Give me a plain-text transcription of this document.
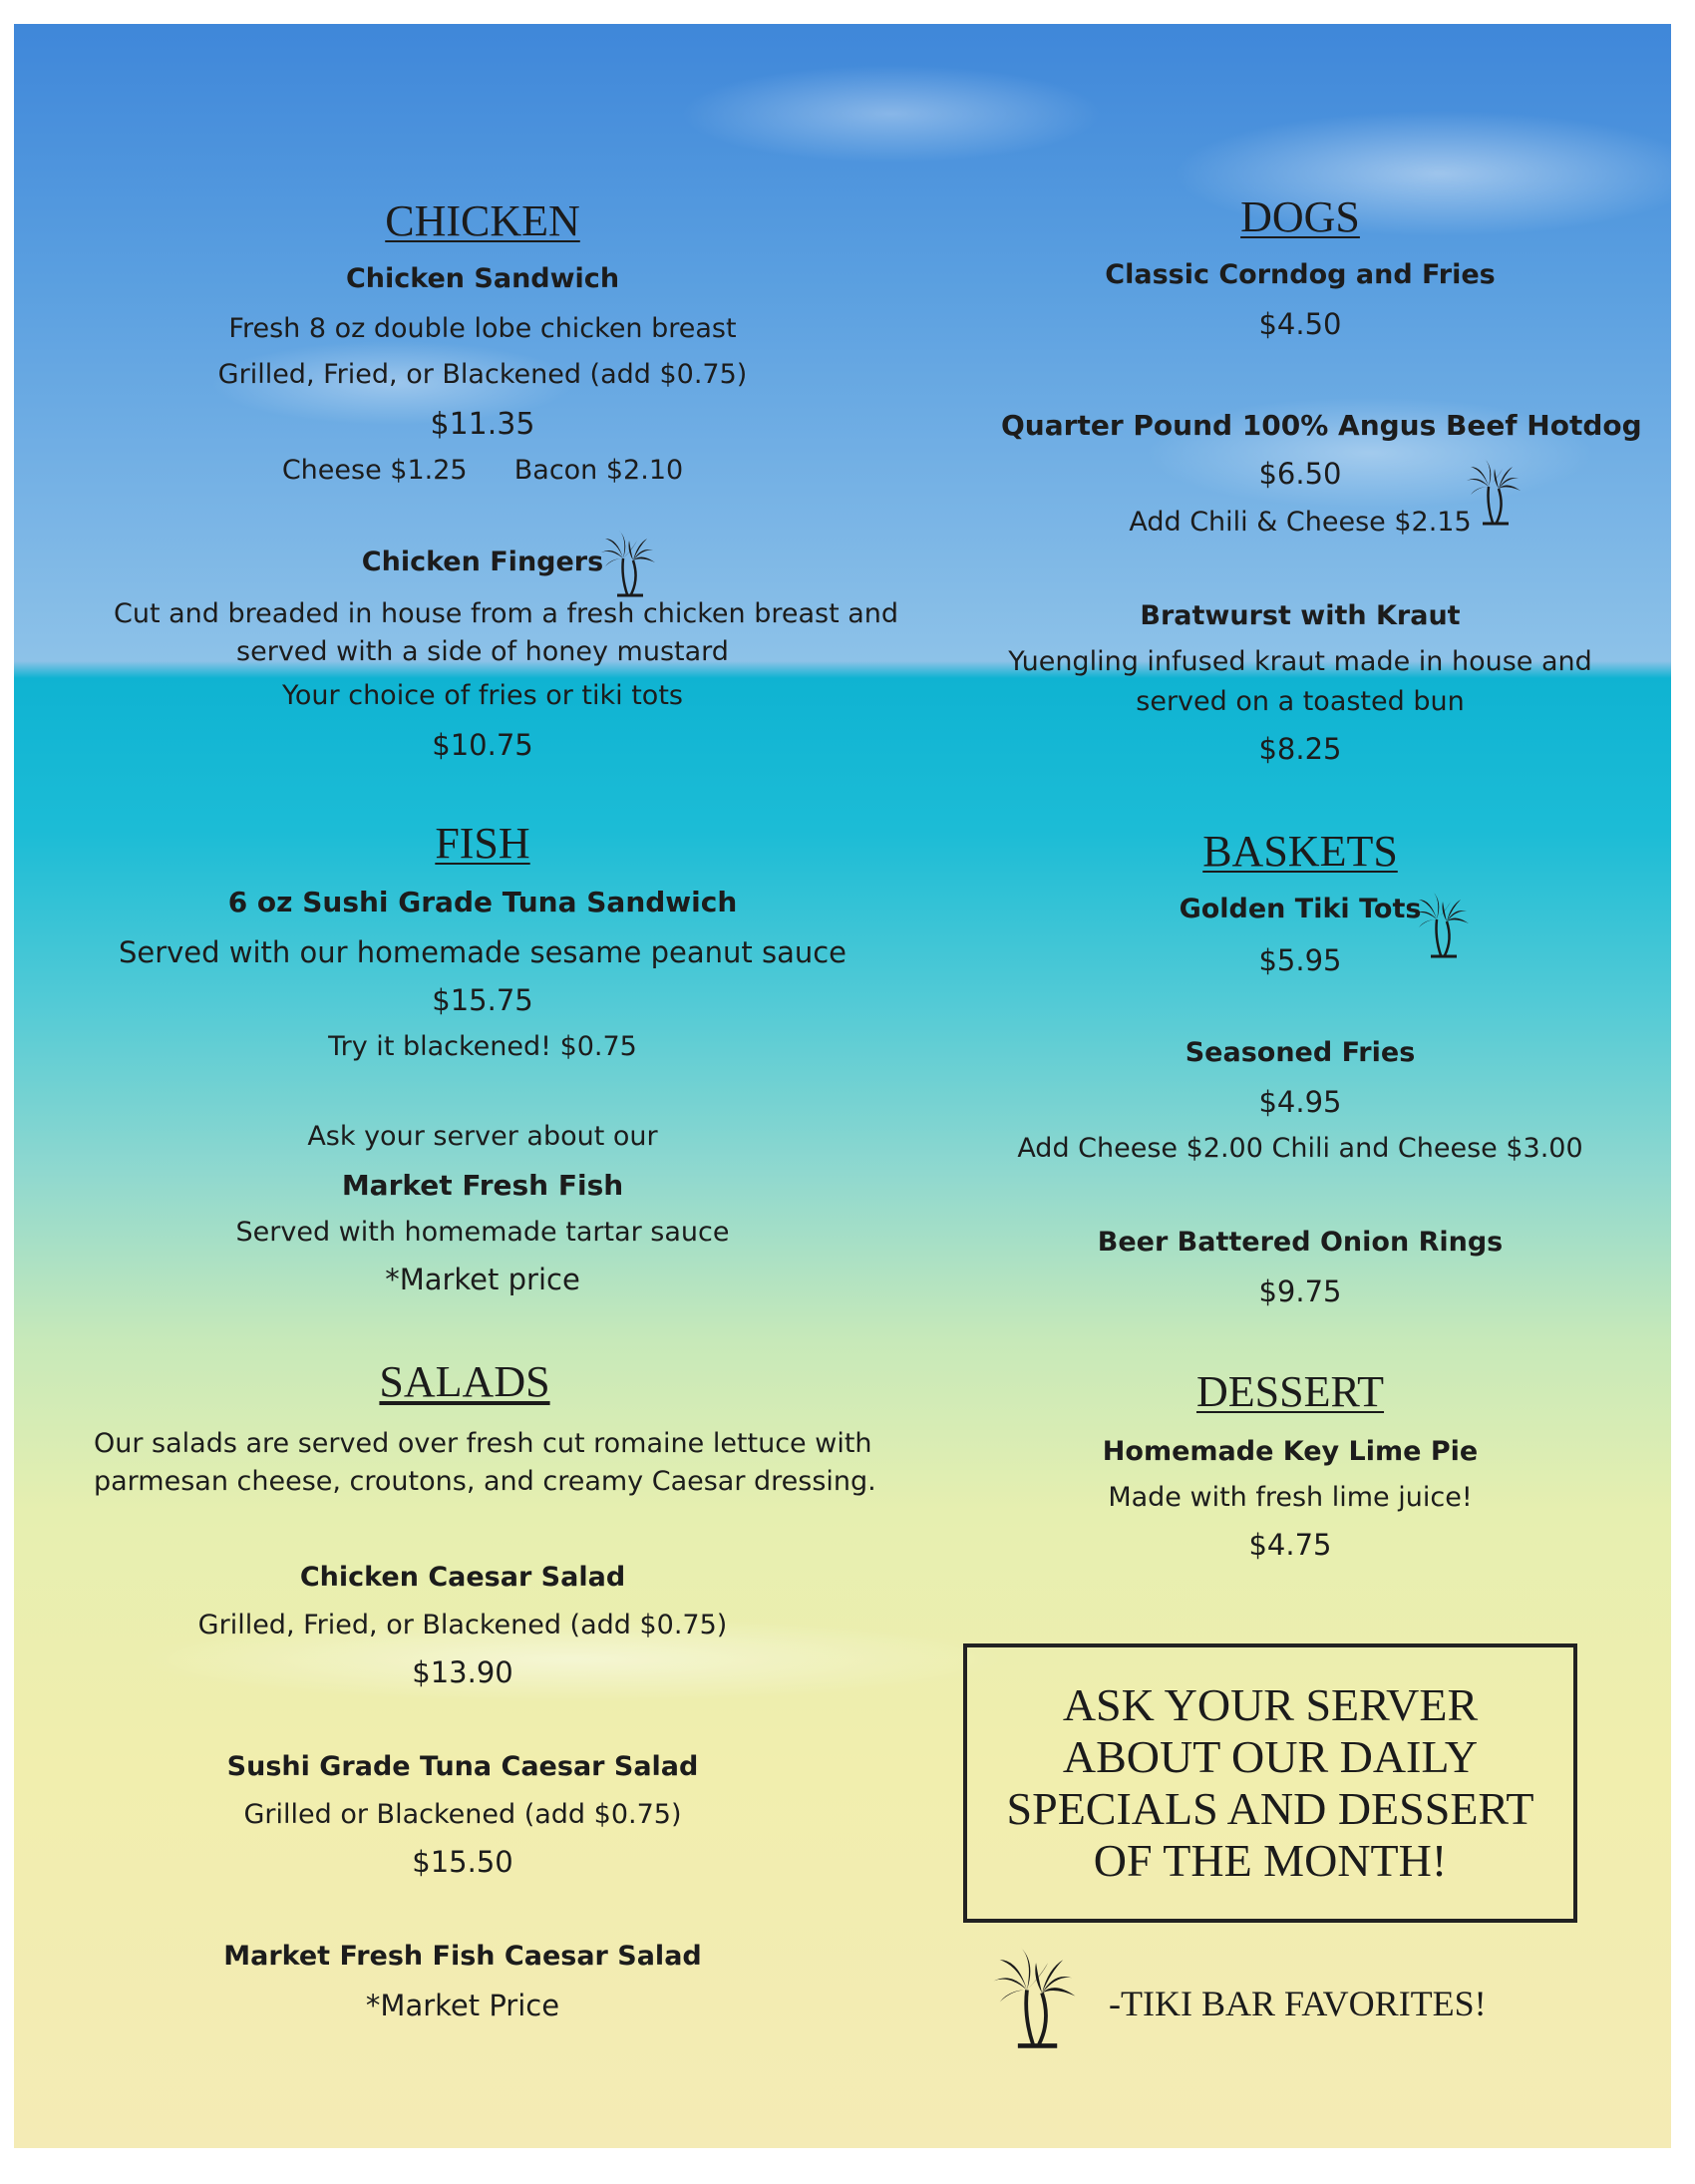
CHICKEN
Chicken Sandwich
Fresh 8 oz double lobe chicken breast
Grilled, Fried, or Blackened (add $0.75)
$11.35
Cheese $1.25 Bacon $2.10
Chicken Fingers
Cut and breaded in house from a fresh chicken breast and
served with a side of honey mustard
Your choice of fries or tiki tots
$10.75
FISH
6 oz Sushi Grade Tuna Sandwich
Served with our homemade sesame peanut sauce
$15.75
Try it blackened! $0.75
Ask your server about our
Market Fresh Fish
Served with homemade tartar sauce
*Market price
SALADS
Our salads are served over fresh cut romaine lettuce with
parmesan cheese, croutons, and creamy Caesar dressing.
Chicken Caesar Salad
Grilled, Fried, or Blackened (add $0.75)
$13.90
Sushi Grade Tuna Caesar Salad
Grilled or Blackened (add $0.75)
$15.50
Market Fresh Fish Caesar Salad
*Market Price
DOGS
Classic Corndog and Fries
$4.50
Quarter Pound 100% Angus Beef Hotdog
$6.50
Add Chili & Cheese $2.15
Bratwurst with Kraut
Yuengling infused kraut made in house and
served on a toasted bun
$8.25
BASKETS
Golden Tiki Tots
$5.95
Seasoned Fries
$4.95
Add Cheese $2.00 Chili and Cheese $3.00
Beer Battered Onion Rings
$9.75
DESSERT
Homemade Key Lime Pie
Made with fresh lime juice!
$4.75
ASK YOUR SERVER
ABOUT OUR DAILY
SPECIALS AND DESSERT
OF THE MONTH!
-TIKI BAR FAVORITES!
